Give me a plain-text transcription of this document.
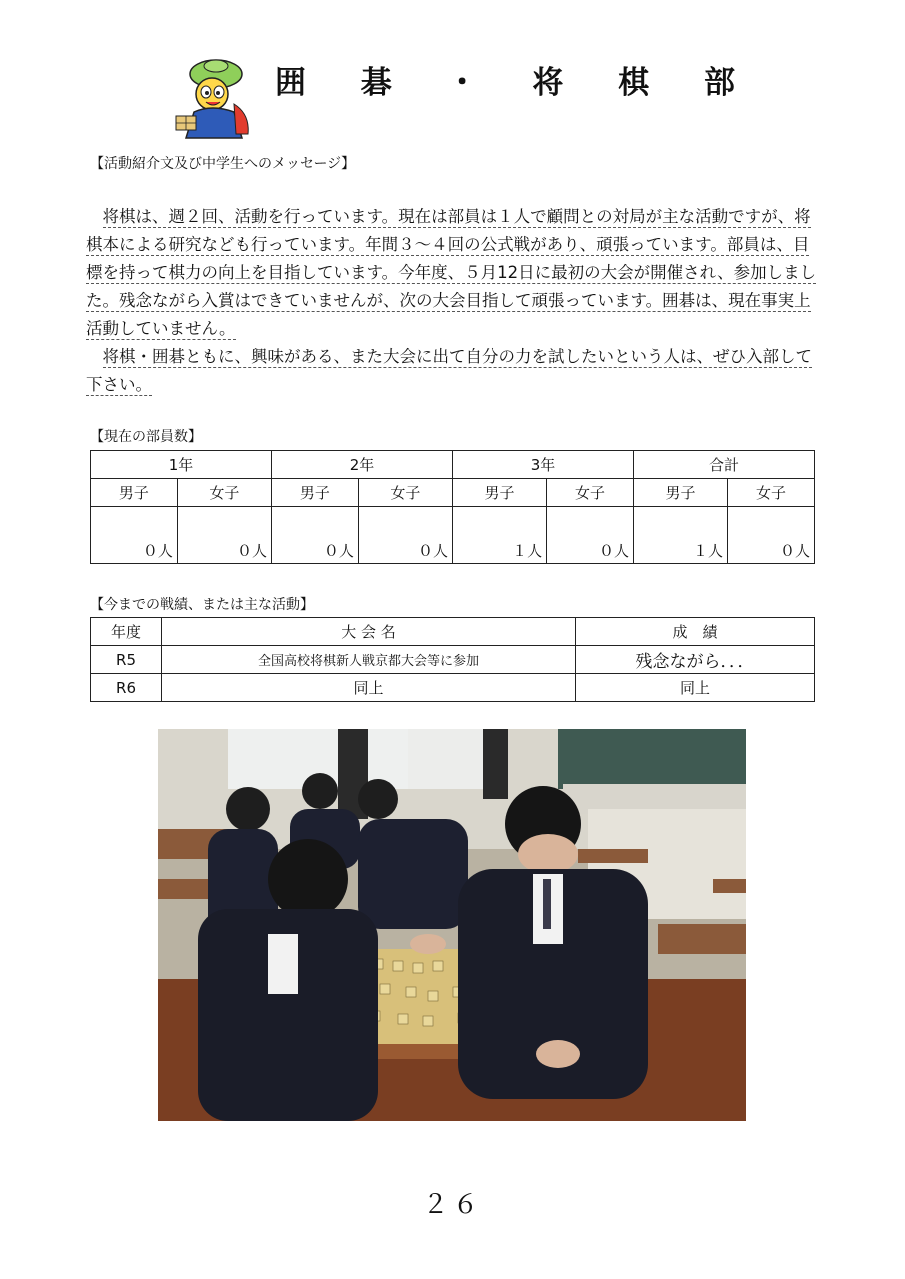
囲 碁 ・ 将 棋 部
【活動紹介文及び中学生へのメッセージ】

将棋は、週２回、活動を行っています。現在は部員は１人で顧問との対局が主な活動ですが、将棋本による研究なども行っています。年間３～４回の公式戦があり、頑張っています。部員は、目標を持って棋力の向上を目指しています。今年度、５月12日に最初の大会が開催され、参加しました。残念ながら入賞はできていませんが、次の大会目指して頑張っています。囲碁は、現在事実上活動していません。

将棋・囲碁ともに、興味がある、また大会に出て自分の力を試したいという人は、ぜひ入部して下さい。

【現在の部員数】
1年		2年		3年		合計	
男子	女子	男子	女子	男子	女子	男子	女子
０人	０人	０人	０人	１人	０人	１人	０人
【今までの戦績、または主な活動】
年度	大 会 名	成　績
R5	全国高校将棋新人戦京都大会等に参加	残念ながら．．．
R6	同上	同上
２６
